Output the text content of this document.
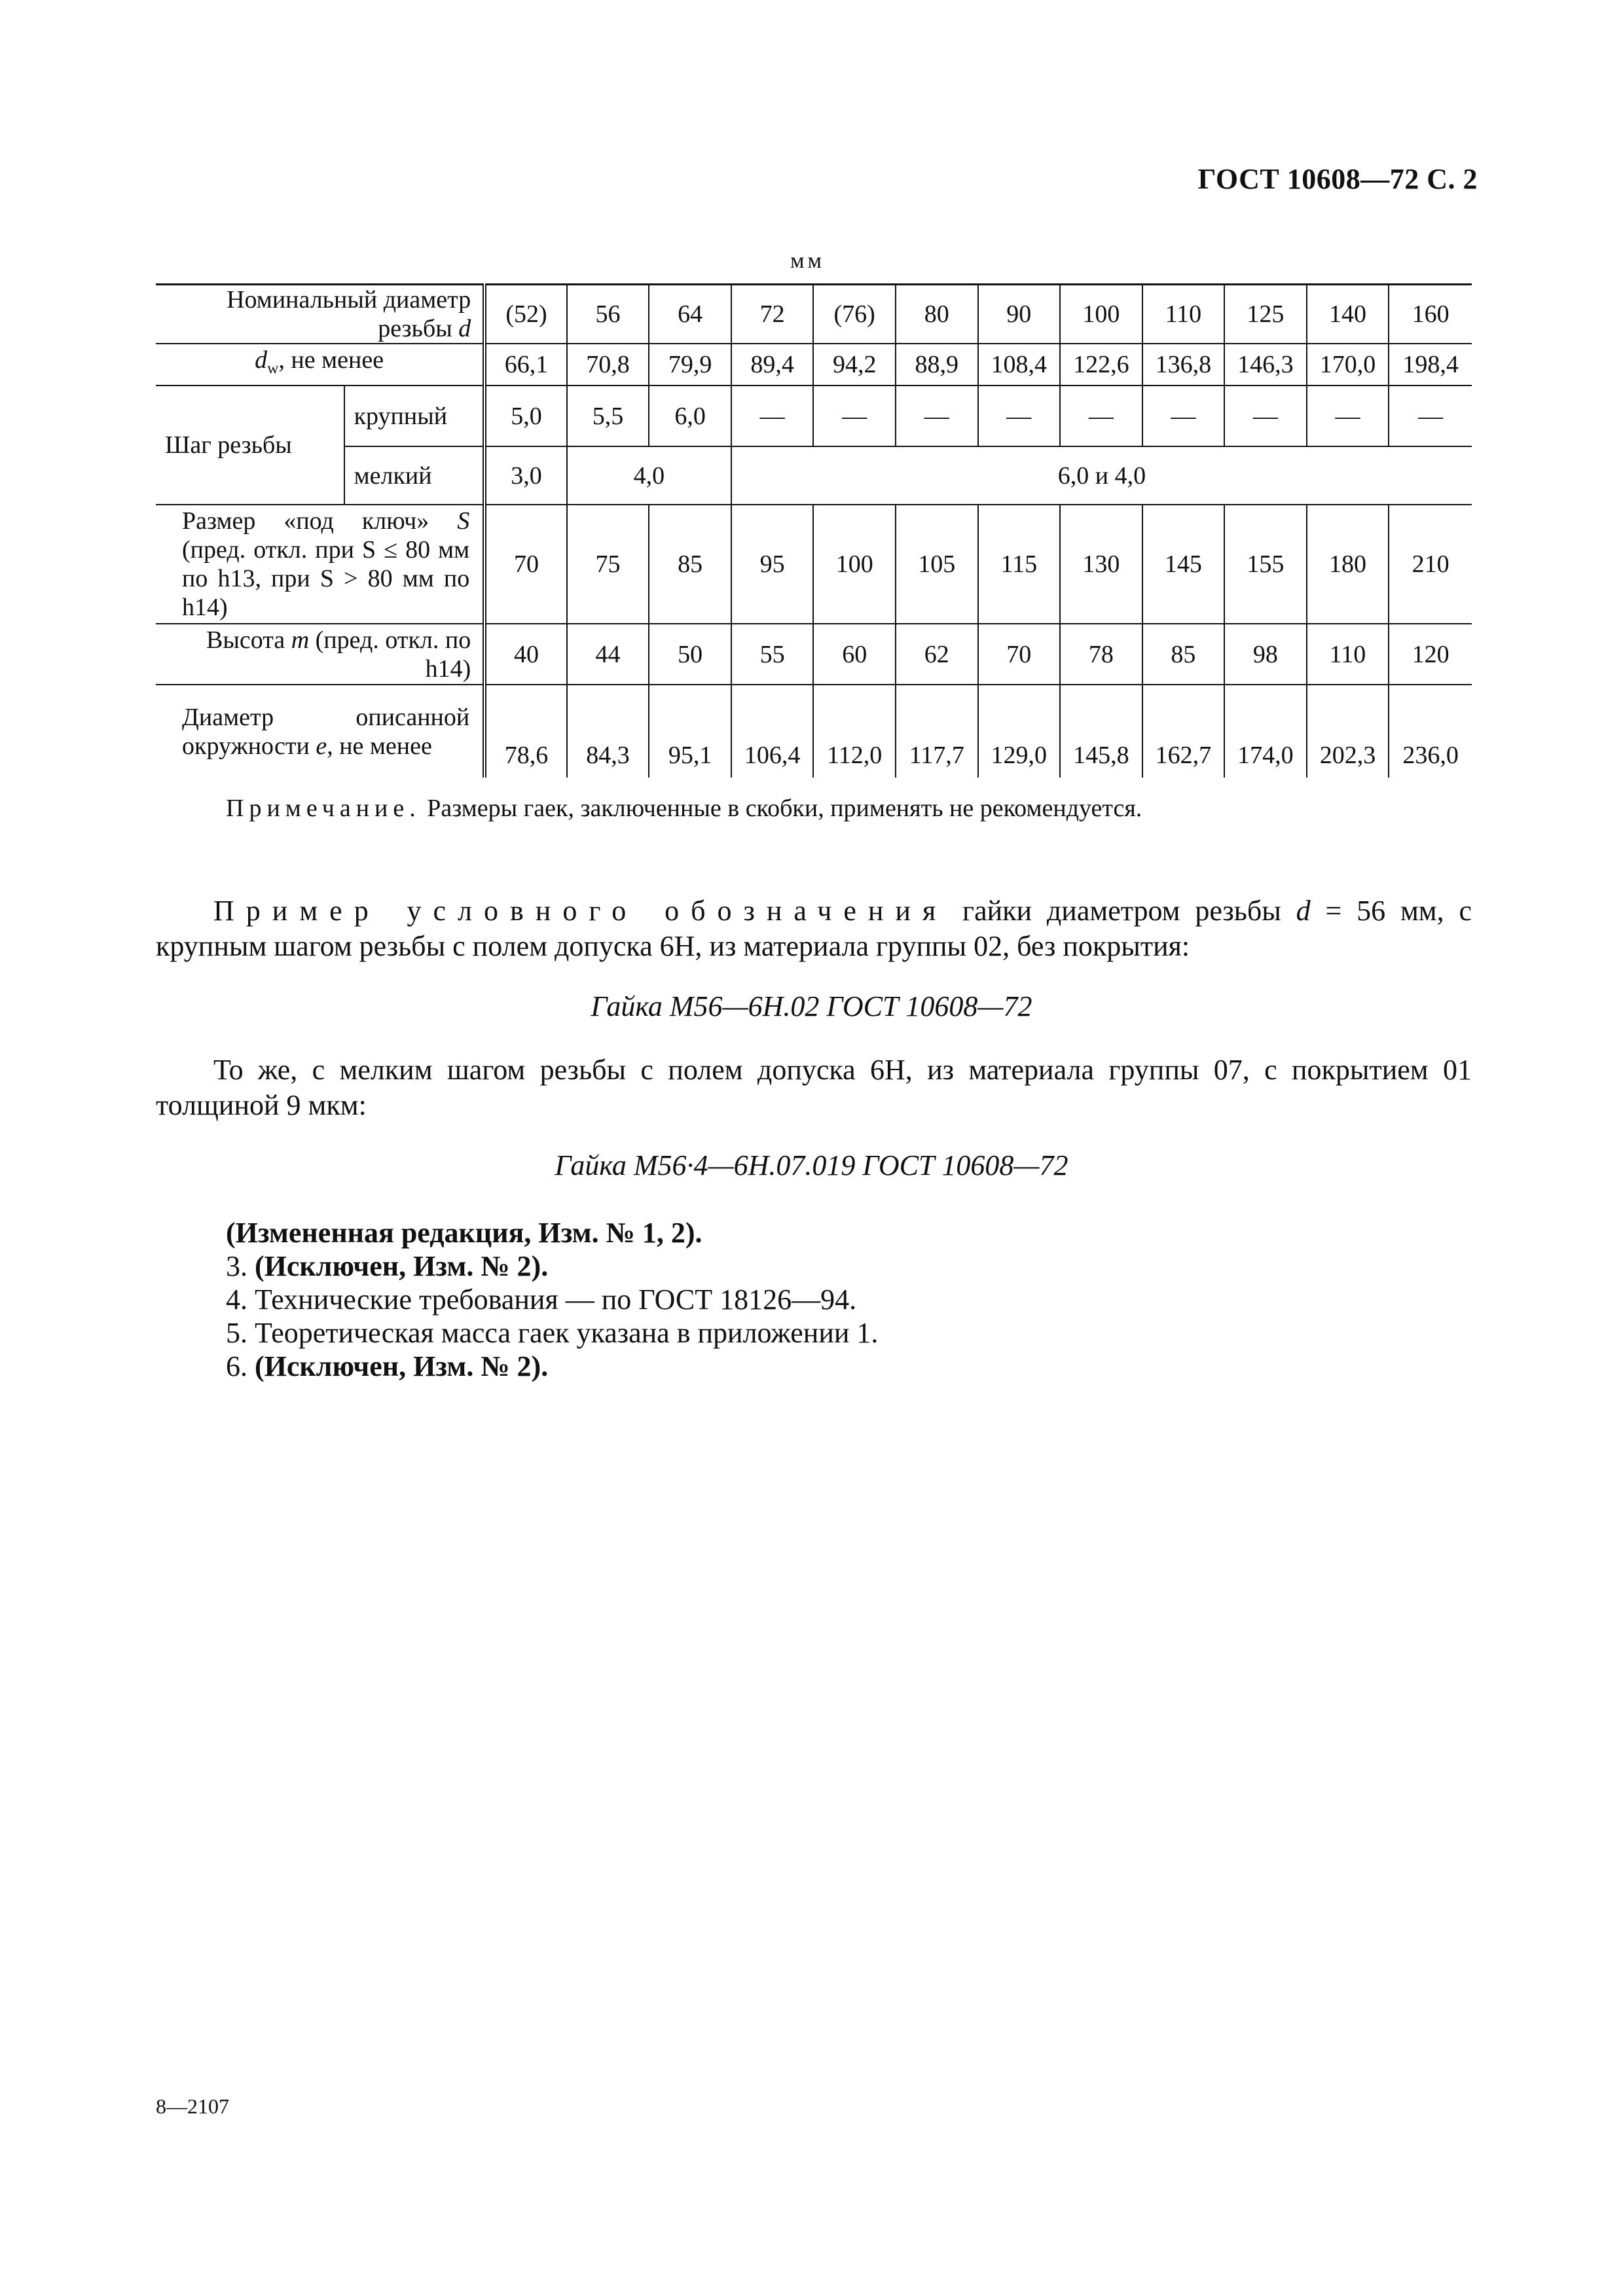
ГОСТ 10608—72 С. 2
мм
Номинальный диаметр резьбы d		(52)	56	64	72	(76)	80	90	100	110	125	140	160
$d_w$, не менее		66,1	70,8	79,9	89,4	94,2	88,9	108,4	122,6	136,8	146,3	170,0	198,4
Шаг резьбы	крупный	5,0	5,5	6,0	—	—	—	—	—	—	—	—	—
	мелкий	3,0	4,0		6,0 и 4,0								
Размер «под ключ» S (пред. откл. при S ≤ 80 мм по h13, при S > 80 мм по h14)		70	75	85	95	100	105	115	130	145	155	180	210
Высота m (пред. откл. по h14)		40	44	50	55	60	62	70	78	85	98	110	120
Диаметр описанной окружности e, не менее		78,6	84,3	95,1	106,4	112,0	117,7	129,0	145,8	162,7	174,0	202,3	236,0
Примечание. Размеры гаек, заключенные в скобки, применять не рекомендуется.
  Пример условного обозначения гайки диаметром резьбы d = 56 мм, с крупным шагом резьбы с полем допуска 6H, из материала группы 02, без покрытия:
Гайка М56—6Н.02 ГОСТ 10608—72
  То же, с мелким шагом резьбы с полем допуска 6Н, из материала группы 07, с покрытием 01 толщиной 9 мкм:
Гайка М56·4—6Н.07.019 ГОСТ 10608—72
(Измененная редакция, Изм. № 1, 2).
3. (Исключен, Изм. № 2).
4. Технические требования — по ГОСТ 18126—94.
5. Теоретическая масса гаек указана в приложении 1.
6. (Исключен, Изм. № 2).
8—2107
